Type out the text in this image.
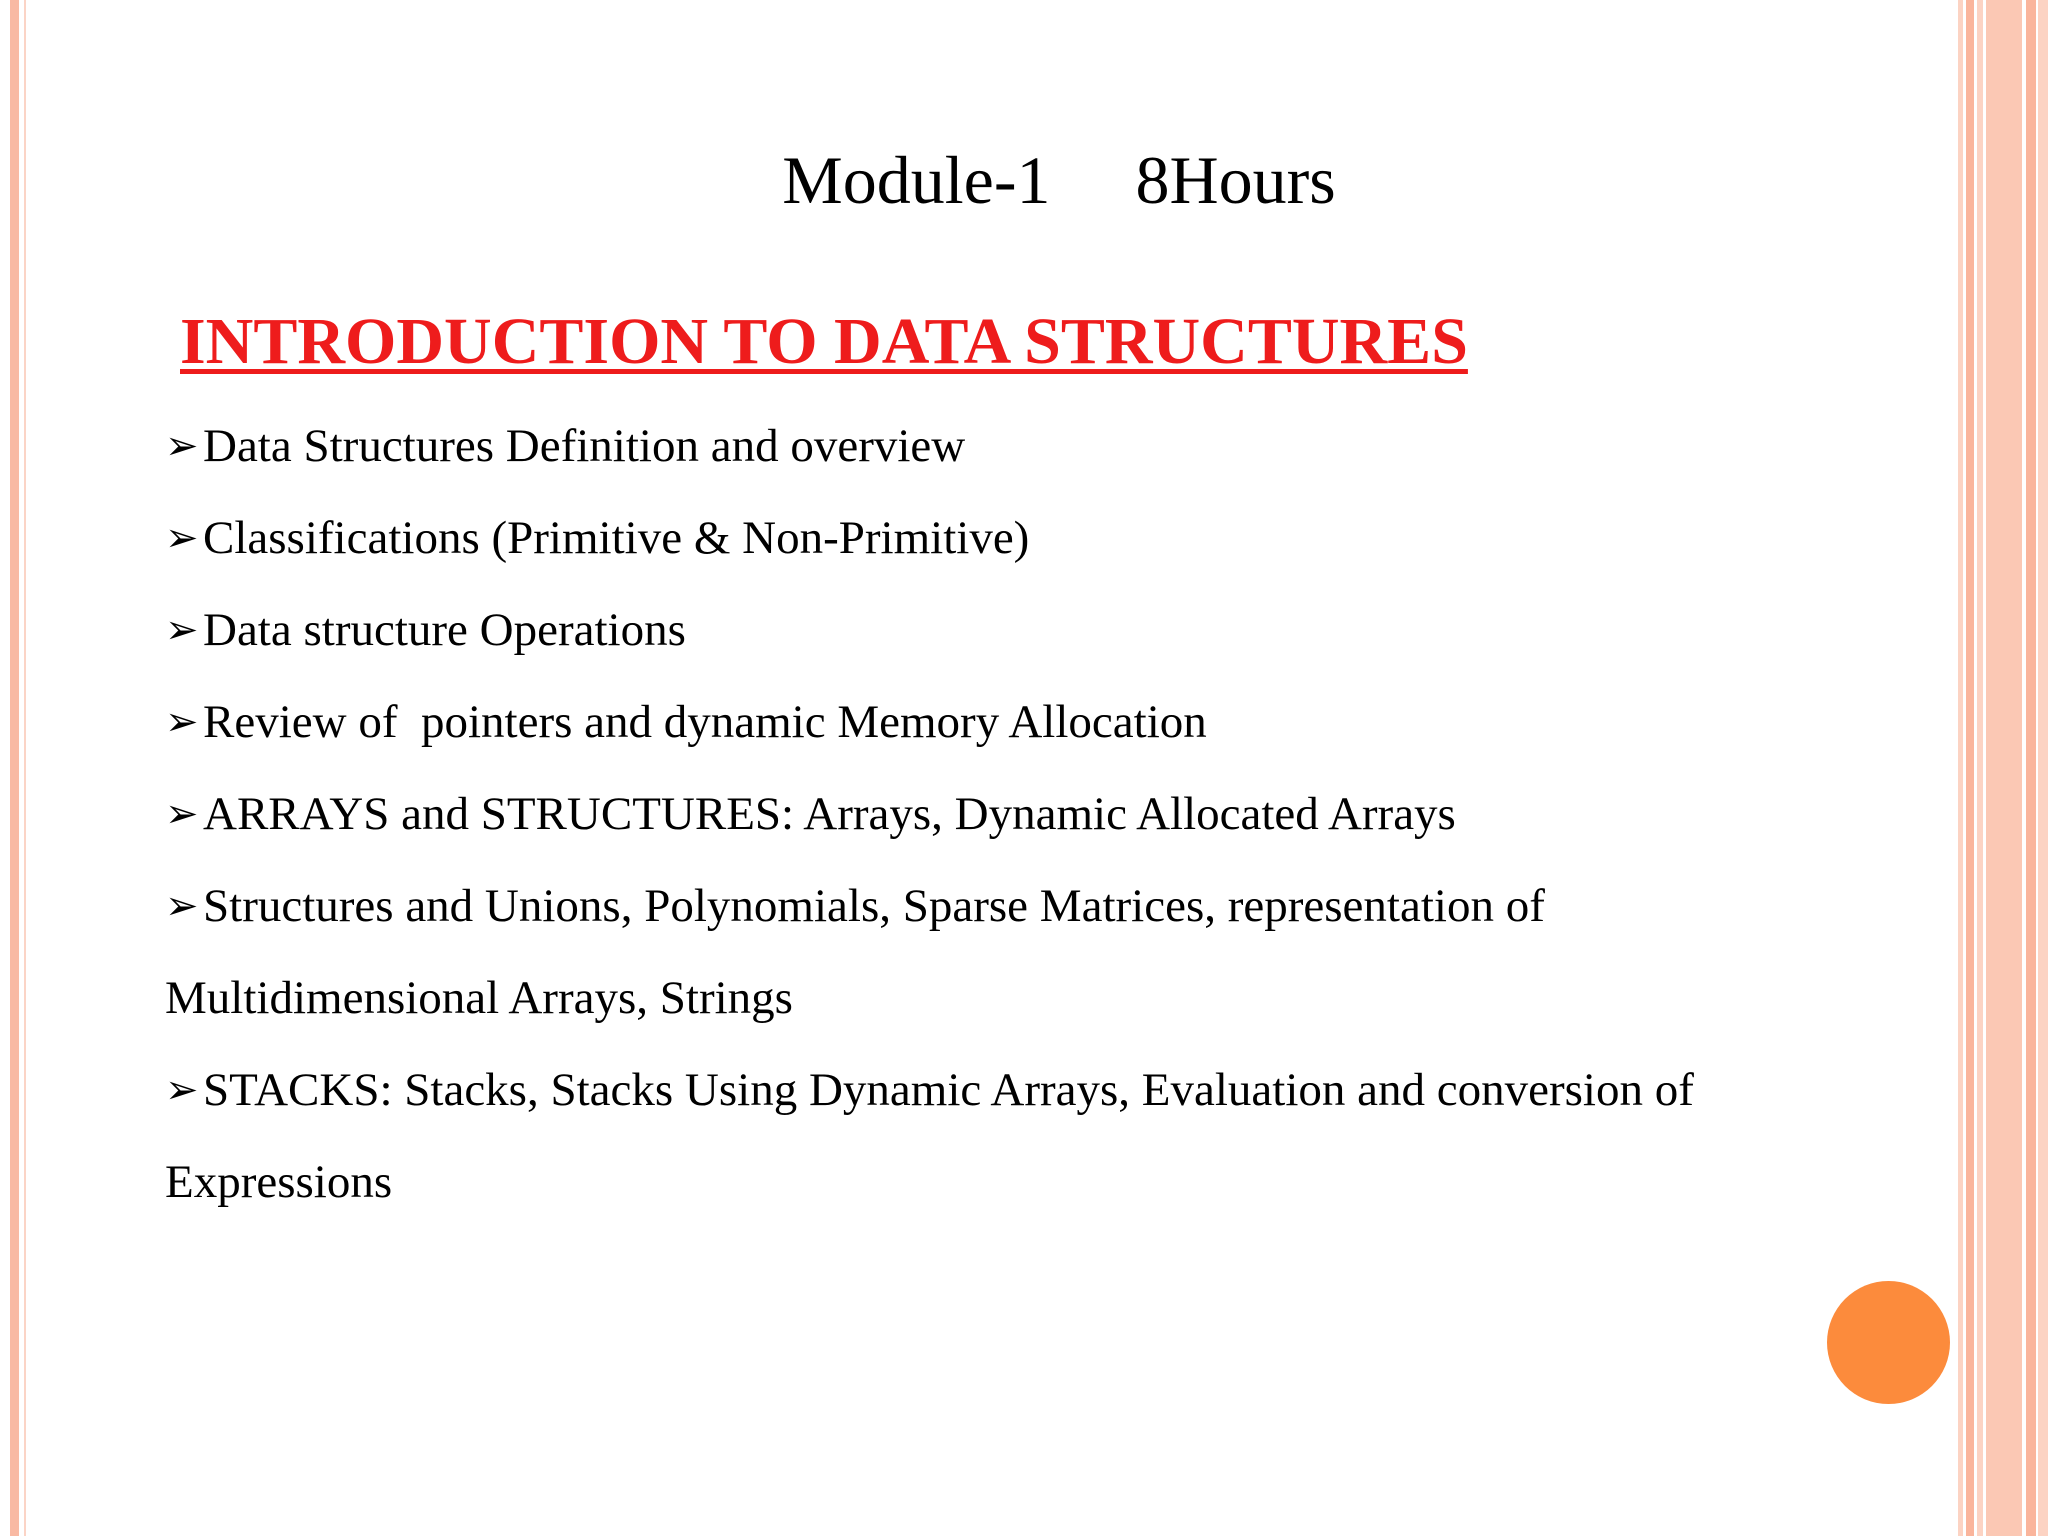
Module-1 8Hours
INTRODUCTION TO DATA STRUCTURES

➢Data Structures Definition and overview

➢Classifications (Primitive & Non-Primitive)

➢Data structure Operations

➢Review of  pointers and dynamic Memory Allocation

➢ARRAYS and STRUCTURES: Arrays, Dynamic Allocated Arrays

➢Structures and Unions, Polynomials, Sparse Matrices, representation of

Multidimensional Arrays, Strings

➢STACKS: Stacks, Stacks Using Dynamic Arrays, Evaluation and conversion of

Expressions
